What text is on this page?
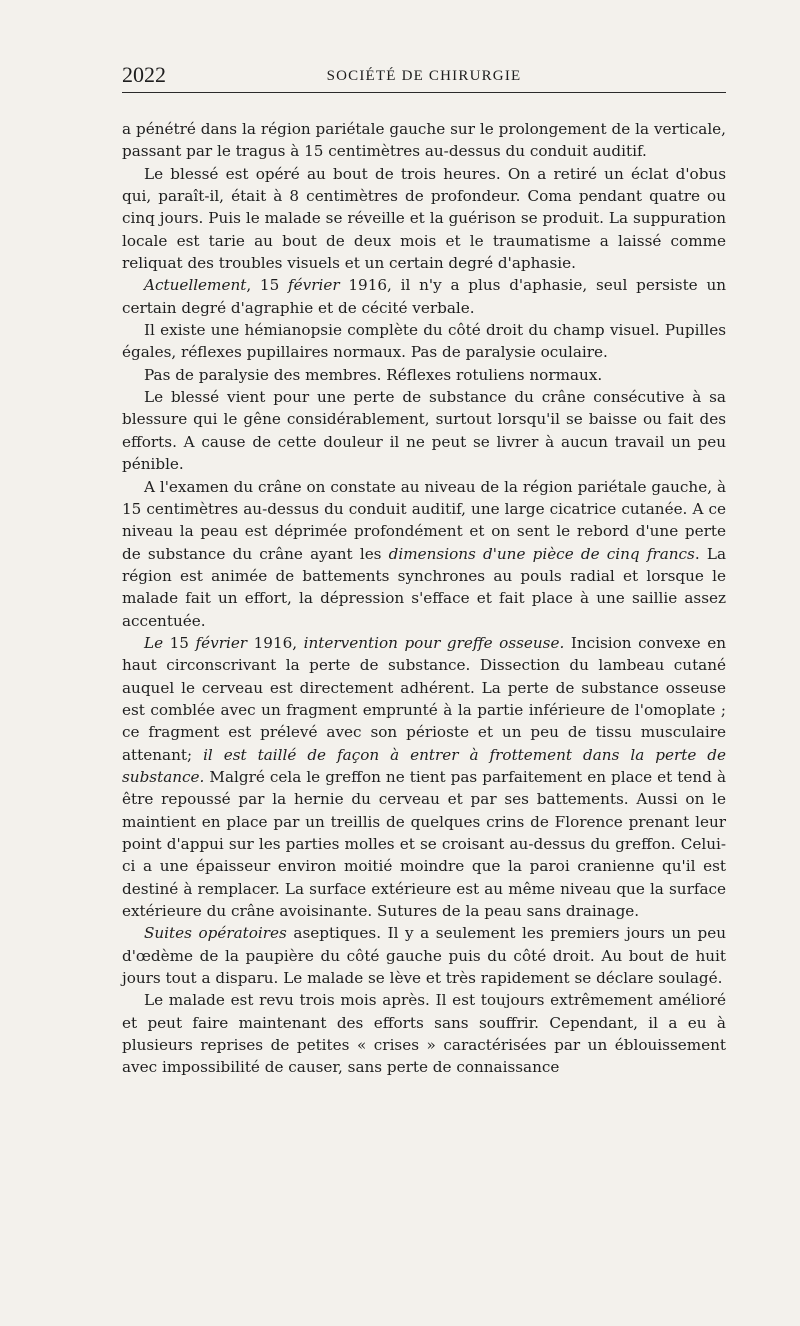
2022	SOCIÉTÉ DE CHIRURGIE

a pénétré dans la région pariétale gauche sur le prolongement de la verticale, passant par le tragus à 15 centimètres au-dessus du conduit auditif.

Le blessé est opéré au bout de trois heures. On a retiré un éclat d'obus qui, paraît-il, était à 8 centimètres de profondeur. Coma pendant quatre ou cinq jours. Puis le malade se réveille et la guérison se produit. La suppuration locale est tarie au bout de deux mois et le traumatisme a laissé comme reliquat des troubles visuels et un certain degré d'aphasie.

Actuellement, 15 février 1916, il n'y a plus d'aphasie, seul persiste un certain degré d'agraphie et de cécité verbale.

Il existe une hémianopsie complète du côté droit du champ visuel. Pupilles égales, réflexes pupillaires normaux. Pas de paralysie oculaire.

Pas de paralysie des membres. Réflexes rotuliens normaux.

Le blessé vient pour une perte de substance du crâne consécutive à sa blessure qui le gêne considérablement, surtout lorsqu'il se baisse ou fait des efforts. A cause de cette douleur il ne peut se livrer à aucun travail un peu pénible.

A l'examen du crâne on constate au niveau de la région pariétale gauche, à 15 centimètres au-dessus du conduit auditif, une large cicatrice cutanée. A ce niveau la peau est déprimée profondément et on sent le rebord d'une perte de substance du crâne ayant les dimensions d'une pièce de cinq francs. La région est animée de battements synchrones au pouls radial et lorsque le malade fait un effort, la dépression s'efface et fait place à une saillie assez accentuée.

Le 15 février 1916, intervention pour greffe osseuse. Incision convexe en haut circonscrivant la perte de substance. Dissection du lambeau cutané auquel le cerveau est directement adhérent. La perte de substance osseuse est comblée avec un fragment emprunté à la partie inférieure de l'omoplate ; ce fragment est prélevé avec son périoste et un peu de tissu musculaire attenant; il est taillé de façon à entrer à frottement dans la perte de substance. Malgré cela le greffon ne tient pas parfaitement en place et tend à être repoussé par la hernie du cerveau et par ses battements. Aussi on le maintient en place par un treillis de quelques crins de Florence prenant leur point d'appui sur les parties molles et se croisant au-dessus du greffon. Celui-ci a une épaisseur environ moitié moindre que la paroi cranienne qu'il est destiné à remplacer. La surface extérieure est au même niveau que la surface extérieure du crâne avoisinante. Sutures de la peau sans drainage.

Suites opératoires aseptiques. Il y a seulement les premiers jours un peu d'œdème de la paupière du côté gauche puis du côté droit. Au bout de huit jours tout a disparu. Le malade se lève et très rapidement se déclare soulagé.

Le malade est revu trois mois après. Il est toujours extrêmement amélioré et peut faire maintenant des efforts sans souffrir. Cependant, il a eu à plusieurs reprises de petites « crises » caractérisées par un éblouissement avec impossibilité de causer, sans perte de connaissance
